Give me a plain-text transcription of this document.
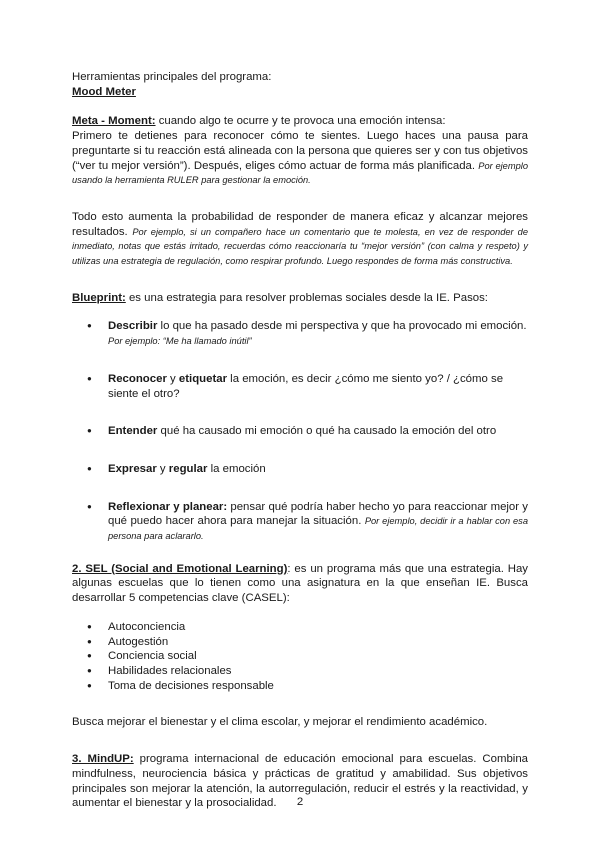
Herramientas principales del programa:

Mood Meter

Meta - Moment: cuando algo te ocurre y te provoca una emoción intensa:

Primero te detienes para reconocer cómo te sientes. Luego haces una pausa para preguntarte si tu reacción está alineada con la persona que quieres ser y con tus objetivos (“ver tu mejor versión”). Después, eliges cómo actuar de forma más planificada. Por ejemplo usando la herramienta RULER para gestionar la emoción.

Todo esto aumenta la probabilidad de responder de manera eficaz y alcanzar mejores resultados. Por ejemplo, si un compañero hace un comentario que te molesta, en vez de responder de inmediato, notas que estás irritado, recuerdas cómo reaccionaría tu “mejor versión” (con calma y respeto) y utilizas una estrategia de regulación, como respirar profundo. Luego respondes de forma más constructiva.

Blueprint: es una estrategia para resolver problemas sociales desde la IE. Pasos:

● Describir lo que ha pasado desde mi perspectiva y que ha provocado mi emoción.
Por ejemplo: “Me ha llamado inútil”
● Reconocer y etiquetar la emoción, es decir ¿cómo me siento yo? / ¿cómo se siente el otro?
● Entender qué ha causado mi emoción o qué ha causado la emoción del otro
● Expresar y regular la emoción
● Reflexionar y planear: pensar qué podría haber hecho yo para reaccionar mejor y qué puedo hacer ahora para manejar la situación. Por ejemplo, decidir ir a hablar con esa persona para aclararlo.

2. SEL (Social and Emotional Learning): es un programa más que una estrategia. Hay algunas escuelas que lo tienen como una asignatura en la que enseñan IE. Busca desarrollar 5 competencias clave (CASEL):

● Autoconciencia
● Autogestión
● Conciencia social
● Habilidades relacionales
● Toma de decisiones responsable

Busca mejorar el bienestar y el clima escolar, y mejorar el rendimiento académico.

3. MindUP: programa internacional de educación emocional para escuelas. Combina mindfulness, neurociencia básica y prácticas de gratitud y amabilidad. Sus objetivos principales son mejorar la atención, la autorregulación, reducir el estrés y la reactividad, y aumentar el bienestar y la prosocialidad.	2
